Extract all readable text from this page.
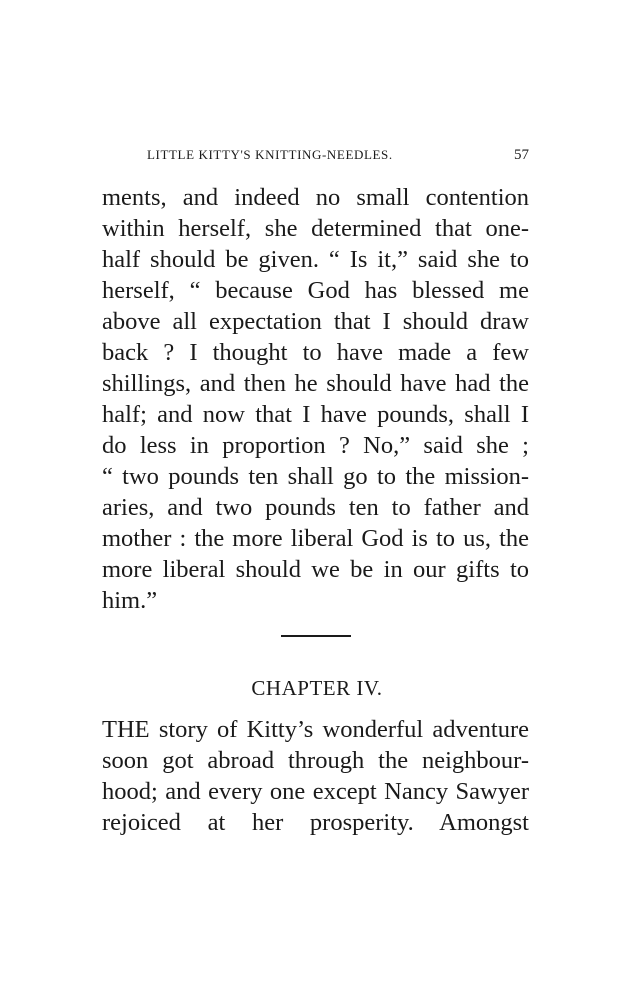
LITTLE KITTY'S KNITTING-NEEDLES.	57
ments, and indeed no small contention
within herself, she determined that one-
half should be given. “ Is it,” said she to
herself, “ because God has blessed me
above all expectation that I should draw
back ? I thought to have made a few
shillings, and then he should have had the
half; and now that I have pounds, shall I
do less in proportion ? No,” said she ;
“ two pounds ten shall go to the mission-
aries, and two pounds ten to father and
mother : the more liberal God is to us, the
more liberal should we be in our gifts to
him.”
CHAPTER IV.
THE story of Kitty’s wonderful adventure
soon got abroad through the neighbour-
hood; and every one except Nancy Sawyer
rejoiced at her prosperity. Amongst
